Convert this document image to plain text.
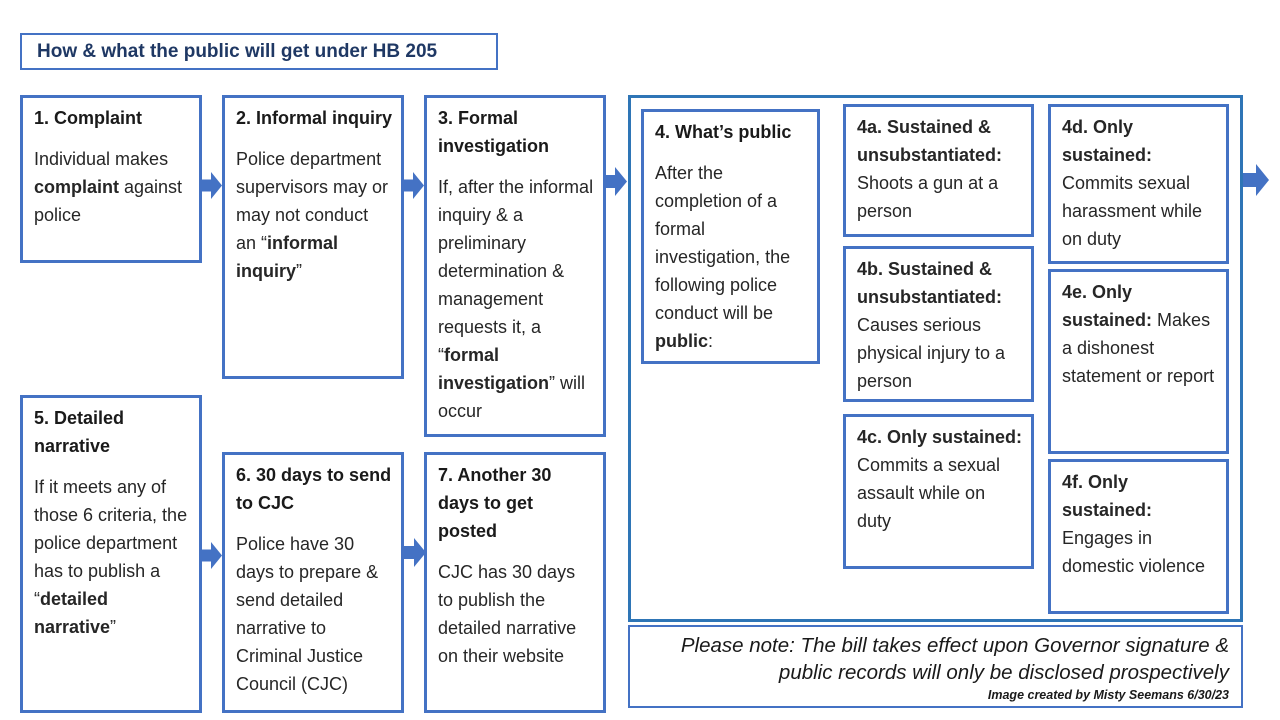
How & what the public will get under HB 205

1. Complaint

Individual makes complaint against police

2. Informal inquiry

Police department supervisors may or may not conduct an “informal inquiry”

3. Formal investigation

If, after the informal inquiry & a preliminary determination & management requests it, a “formal investigation” will occur

5. Detailed narrative

If it meets any of those 6 criteria, the police department has to publish a “detailed narrative”

6. 30 days to send to CJC

Police have 30 days to prepare & send detailed narrative to Criminal Justice Council (CJC)

7. Another 30 days to get posted

CJC has 30 days to publish the detailed narrative on their website

4. What’s public

After the completion of a formal investigation, the following police conduct will be public:

4a. Sustained & unsubstantiated: Shoots a gun at a person

4b. Sustained & unsubstantiated: Causes serious physical injury to a person

4c. Only sustained: Commits a sexual assault while on duty

4d. Only sustained: Commits sexual harassment while on duty

4e. Only sustained: Makes a dishonest statement or report

4f. Only sustained: Engages in domestic violence

Please note: The bill takes effect upon Governor signature & public records will only be disclosed prospectively

Image created by Misty Seemans 6/30/23
